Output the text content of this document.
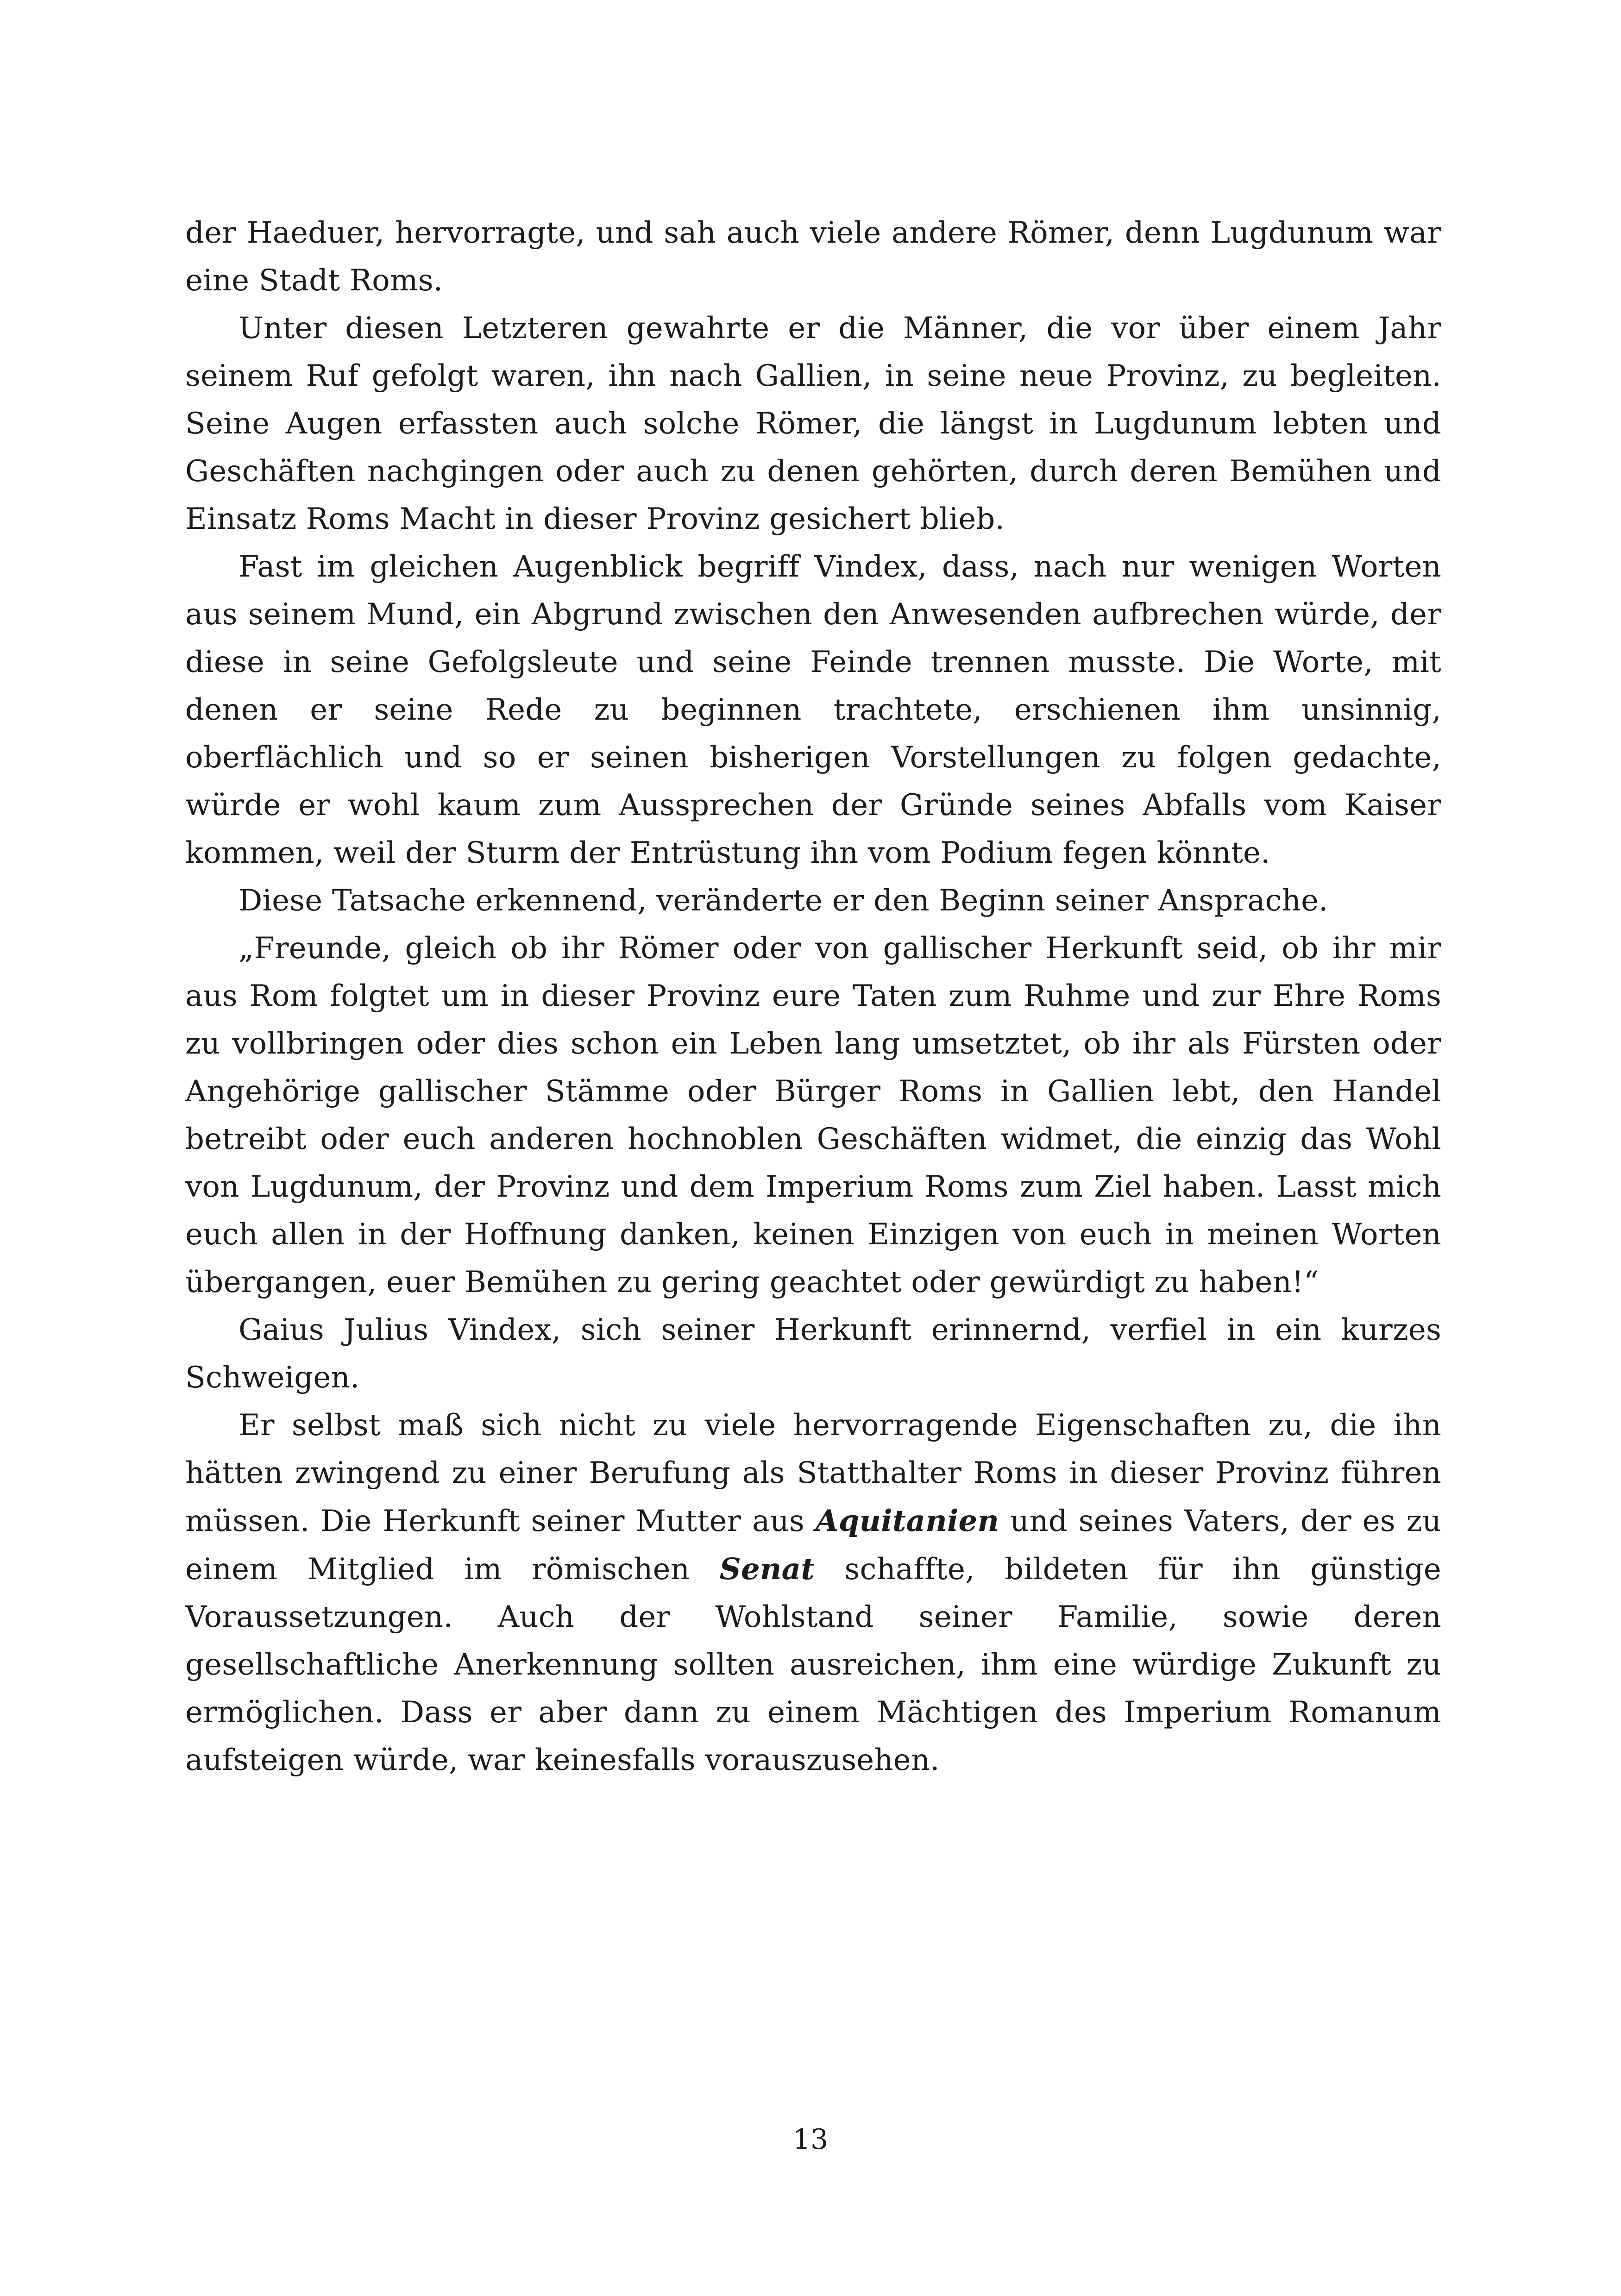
der Haeduer, hervorragte, und sah auch viele andere Römer, denn Lugdunum war eine Stadt Roms.

Unter diesen Letzteren gewahrte er die Männer, die vor über einem Jahr seinem Ruf gefolgt waren, ihn nach Gallien, in seine neue Provinz, zu begleiten. Seine Augen erfassten auch solche Römer, die längst in Lugdunum lebten und Geschäften nachgingen oder auch zu denen gehörten, durch deren Bemühen und Einsatz Roms Macht in dieser Provinz gesichert blieb.

Fast im gleichen Augenblick begriff Vindex, dass, nach nur wenigen Worten aus seinem Mund, ein Abgrund zwischen den Anwesenden aufbrechen würde, der diese in seine Gefolgsleute und seine Feinde trennen musste. Die Worte, mit denen er seine Rede zu beginnen trachtete, erschienen ihm unsinnig, oberflächlich und so er seinen bisherigen Vorstellungen zu folgen gedachte, würde er wohl kaum zum Aussprechen der Gründe seines Abfalls vom Kaiser kommen, weil der Sturm der Entrüstung ihn vom Podium fegen könnte.

Diese Tatsache erkennend, veränderte er den Beginn seiner Ansprache.

„Freunde, gleich ob ihr Römer oder von gallischer Herkunft seid, ob ihr mir aus Rom folgtet um in dieser Provinz eure Taten zum Ruhme und zur Ehre Roms zu vollbringen oder dies schon ein Leben lang umsetztet, ob ihr als Fürsten oder Angehörige gallischer Stämme oder Bürger Roms in Gallien lebt, den Handel betreibt oder euch anderen hochnoblen Geschäften widmet, die einzig das Wohl von Lugdunum, der Provinz und dem Imperium Roms zum Ziel haben. Lasst mich euch allen in der Hoffnung danken, keinen Einzigen von euch in meinen Worten übergangen, euer Bemühen zu gering geachtet oder gewürdigt zu haben!“

Gaius Julius Vindex, sich seiner Herkunft erinnernd, verfiel in ein kurzes Schweigen.

Er selbst maß sich nicht zu viele hervorragende Eigenschaften zu, die ihn hätten zwingend zu einer Berufung als Statthalter Roms in dieser Provinz führen müssen. Die Herkunft seiner Mutter aus Aquitanien und seines Vaters, der es zu einem Mitglied im römischen Senat schaffte, bildeten für ihn günstige Voraussetzungen. Auch der Wohlstand seiner Familie, sowie deren gesellschaftliche Anerkennung sollten ausreichen, ihm eine würdige Zukunft zu ermöglichen. Dass er aber dann zu einem Mächtigen des Imperium Romanum aufsteigen würde, war keinesfalls vorauszusehen.

13
